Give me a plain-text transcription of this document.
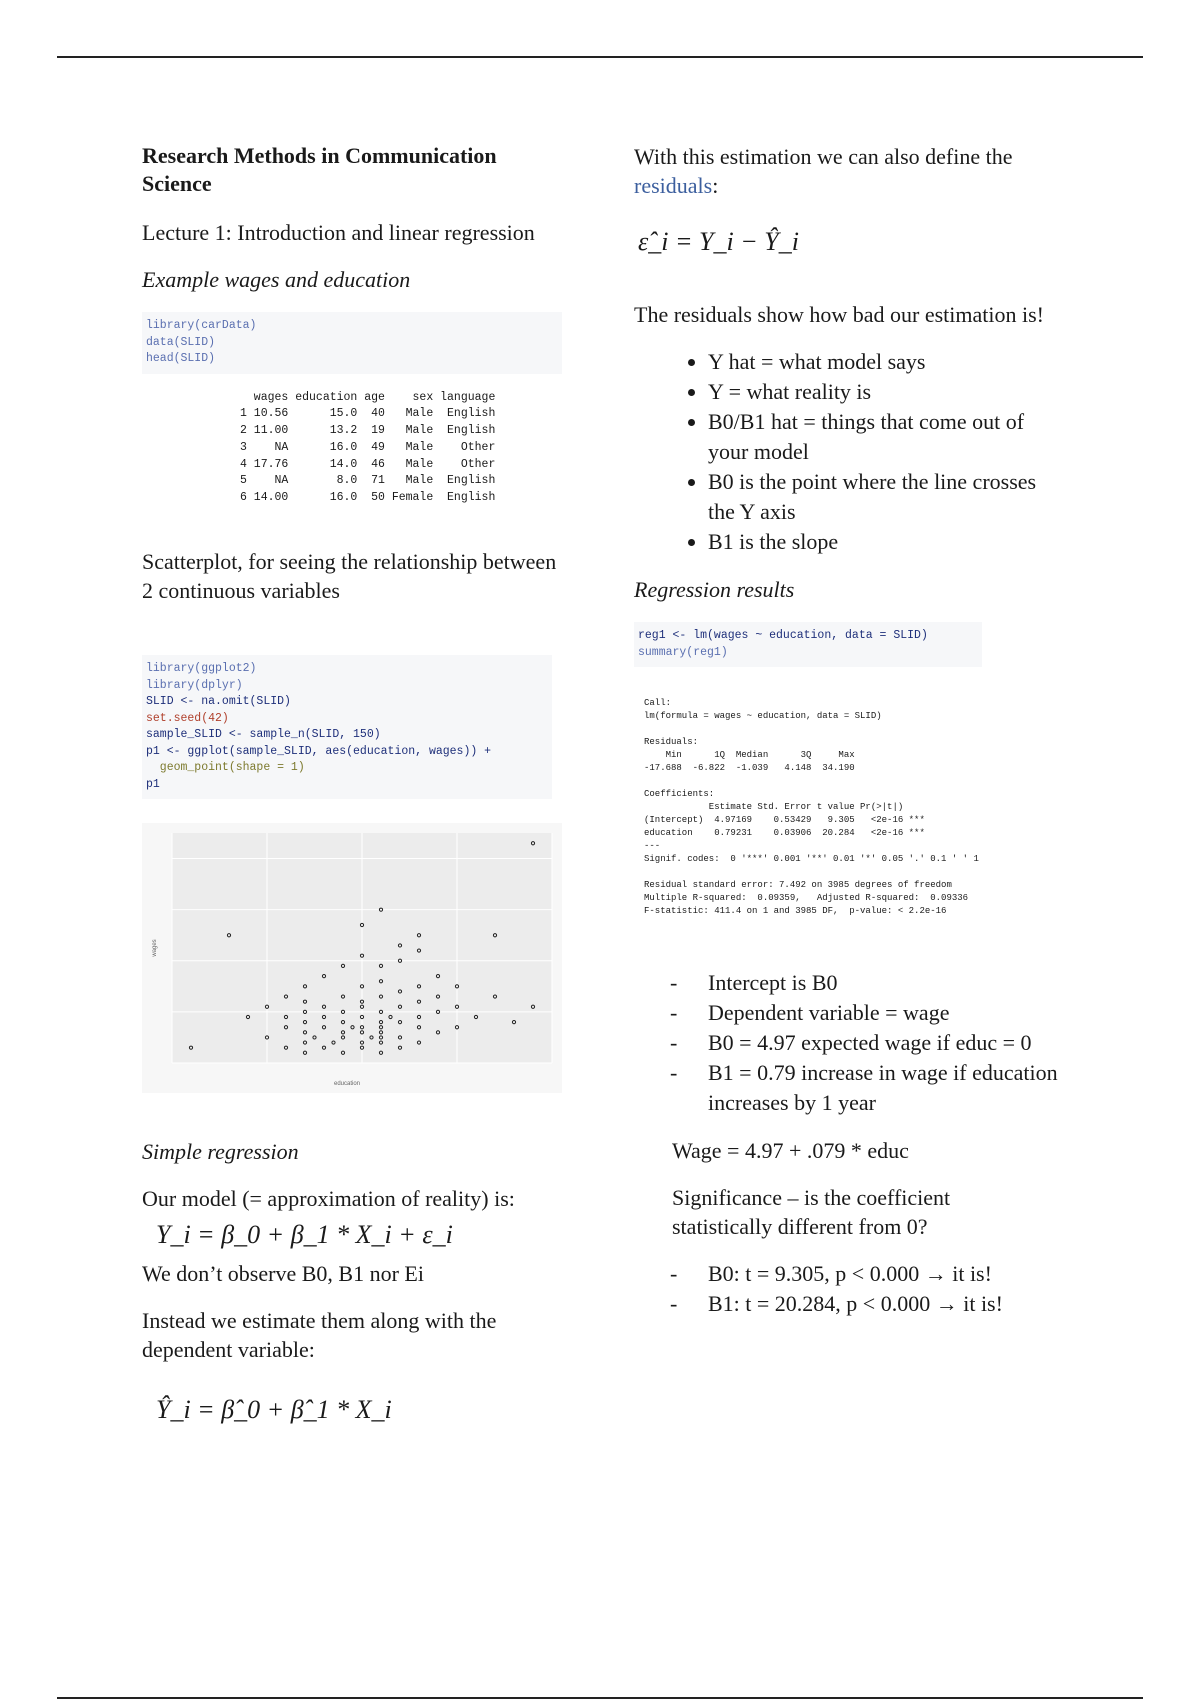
Research Methods in Communication Science

Lecture 1: Introduction and linear regression

Example wages and education

library(carData)
data(SLID)
head(SLID)
wages education age    sex language
1 10.56      15.0  40   Male  English
2 11.00      13.2  19   Male  English
3    NA      16.0  49   Male    Other
4 17.76      14.0  46   Male    Other
5    NA       8.0  71   Male  English
6 14.00      16.0  50 Female  English

Scatterplot, for seeing the relationship between 2 continuous variables

library(ggplot2)
library(dplyr)
SLID <- na.omit(SLID)
set.seed(42)
sample_SLID <- sample_n(SLID, 150)
p1 <- ggplot(sample_SLID, aes(education, wages)) +
geom_point(shape = 1)
p1
education
wages

Simple regression

Our model (= approximation of reality) is:

Y_i = β_0 + β_1 * X_i + ε_i

We don’t observe B0, B1 nor Ei

Instead we estimate them along with the dependent variable:

Ŷ_i = β̂_0 + β̂_1 * X_i

With this estimation we can also define the residuals:

ε̂_i = Y_i − Ŷ_i

The residuals show how bad our estimation is!

• Y hat = what model says
• Y = what reality is
• B0/B1 hat = things that come out of your model
• B0 is the point where the line crosses the Y axis
• B1 is the slope

Regression results

reg1 <- lm(wages ~ education, data = SLID)
summary(reg1)
Call:
lm(formula = wages ~ education, data = SLID)

Residuals:
Min      1Q  Median      3Q     Max
-17.688  -6.822  -1.039   4.148  34.190

Coefficients:
Estimate Std. Error t value Pr(>|t|)
(Intercept)  4.97169    0.53429   9.305   <2e-16 ***
education    0.79231    0.03906  20.284   <2e-16 ***
---
Signif. codes:  0 '***' 0.001 '**' 0.01 '*' 0.05 '.' 0.1 ' ' 1

Residual standard error: 7.492 on 3985 degrees of freedom
Multiple R-squared:  0.09359,   Adjusted R-squared:  0.09336
F-statistic: 411.4 on 1 and 3985 DF,  p-value: < 2.2e-16
- Intercept is B0
- Dependent variable = wage
- B0 = 4.97 expected wage if educ = 0
- B1 = 0.79 increase in wage if education increases by 1 year

Wage = 4.97 + .079 * educ

Significance – is the coefficient statistically different from 0?

- B0: t = 9.305, p < 0.000 → it is!
- B1: t = 20.284, p < 0.000 → it is!
